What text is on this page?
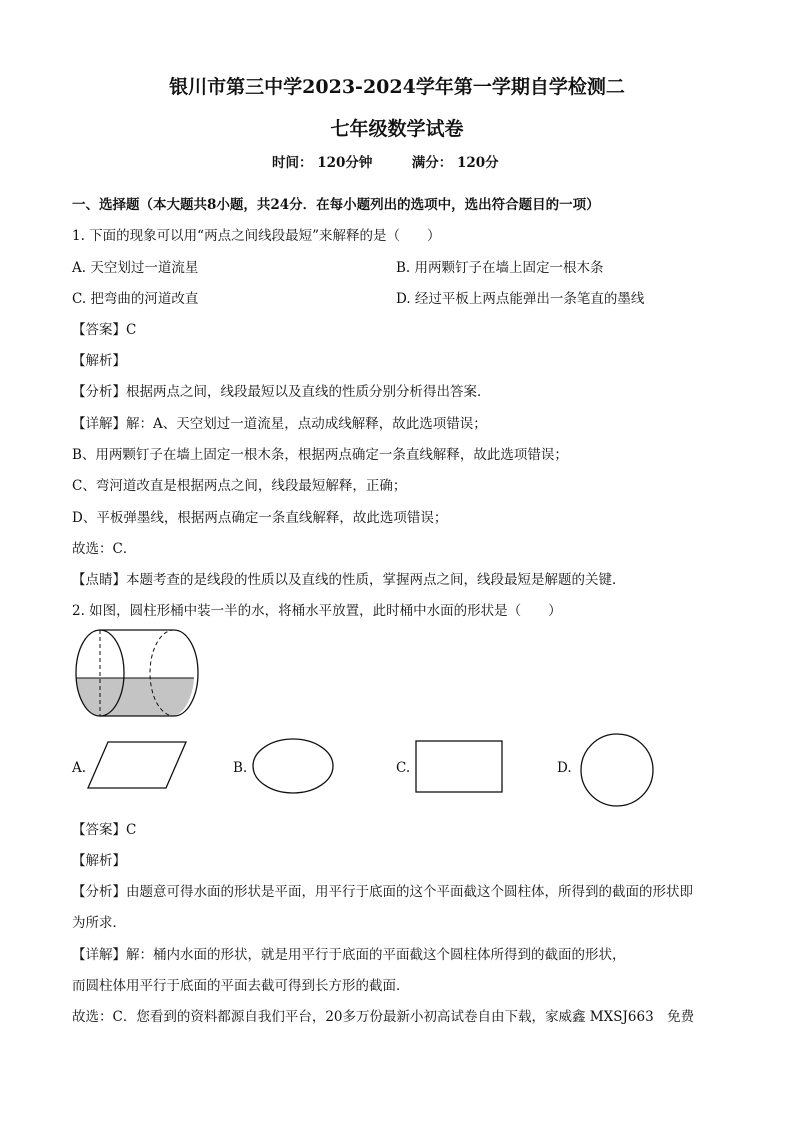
银川市第三中学2023-2024学年第一学期自学检测二
七年级数学试卷
时间： 120分钟	满分： 120分
一、选择题（本大题共8小题，共24分．在每小题列出的选项中，选出符合题目的一项）
1. 下面的现象可以用“两点之间线段最短”来解释的是（　　）
A. 天空划过一道流星	B. 用两颗钉子在墙上固定一根木条
C. 把弯曲的河道改直	D. 经过平板上两点能弹出一条笔直的墨线
【答案】C
【解析】
【分析】根据两点之间，线段最短以及直线的性质分别分析得出答案．
【详解】解：A、天空划过一道流星，点动成线解释，故此选项错误；
B、用两颗钉子在墙上固定一根木条，根据两点确定一条直线解释，故此选项错误；
C、弯河道改直是根据两点之间，线段最短解释，正确；
D、平板弹墨线，根据两点确定一条直线解释，故此选项错误；
故选：C．
【点睛】本题考查的是线段的性质以及直线的性质，掌握两点之间，线段最短是解题的关键．
2. 如图，圆柱形桶中装一半的水，将桶水平放置，此时桶中水面的形状是（　　）
A.	B.	C.	D.
【答案】C
【解析】
【分析】由题意可得水面的形状是平面，用平行于底面的这个平面截这个圆柱体，所得到的截面的形状即
为所求．
【详解】解：桶内水面的形状，就是用平行于底面的平面截这个圆柱体所得到的截面的形状，
而圆柱体用平行于底面的平面去截可得到长方形的截面．
故选：C．您看到的资料都源自我们平台，20多万份最新小初高试卷自由下载，家威鑫 MXSJ663　免费
